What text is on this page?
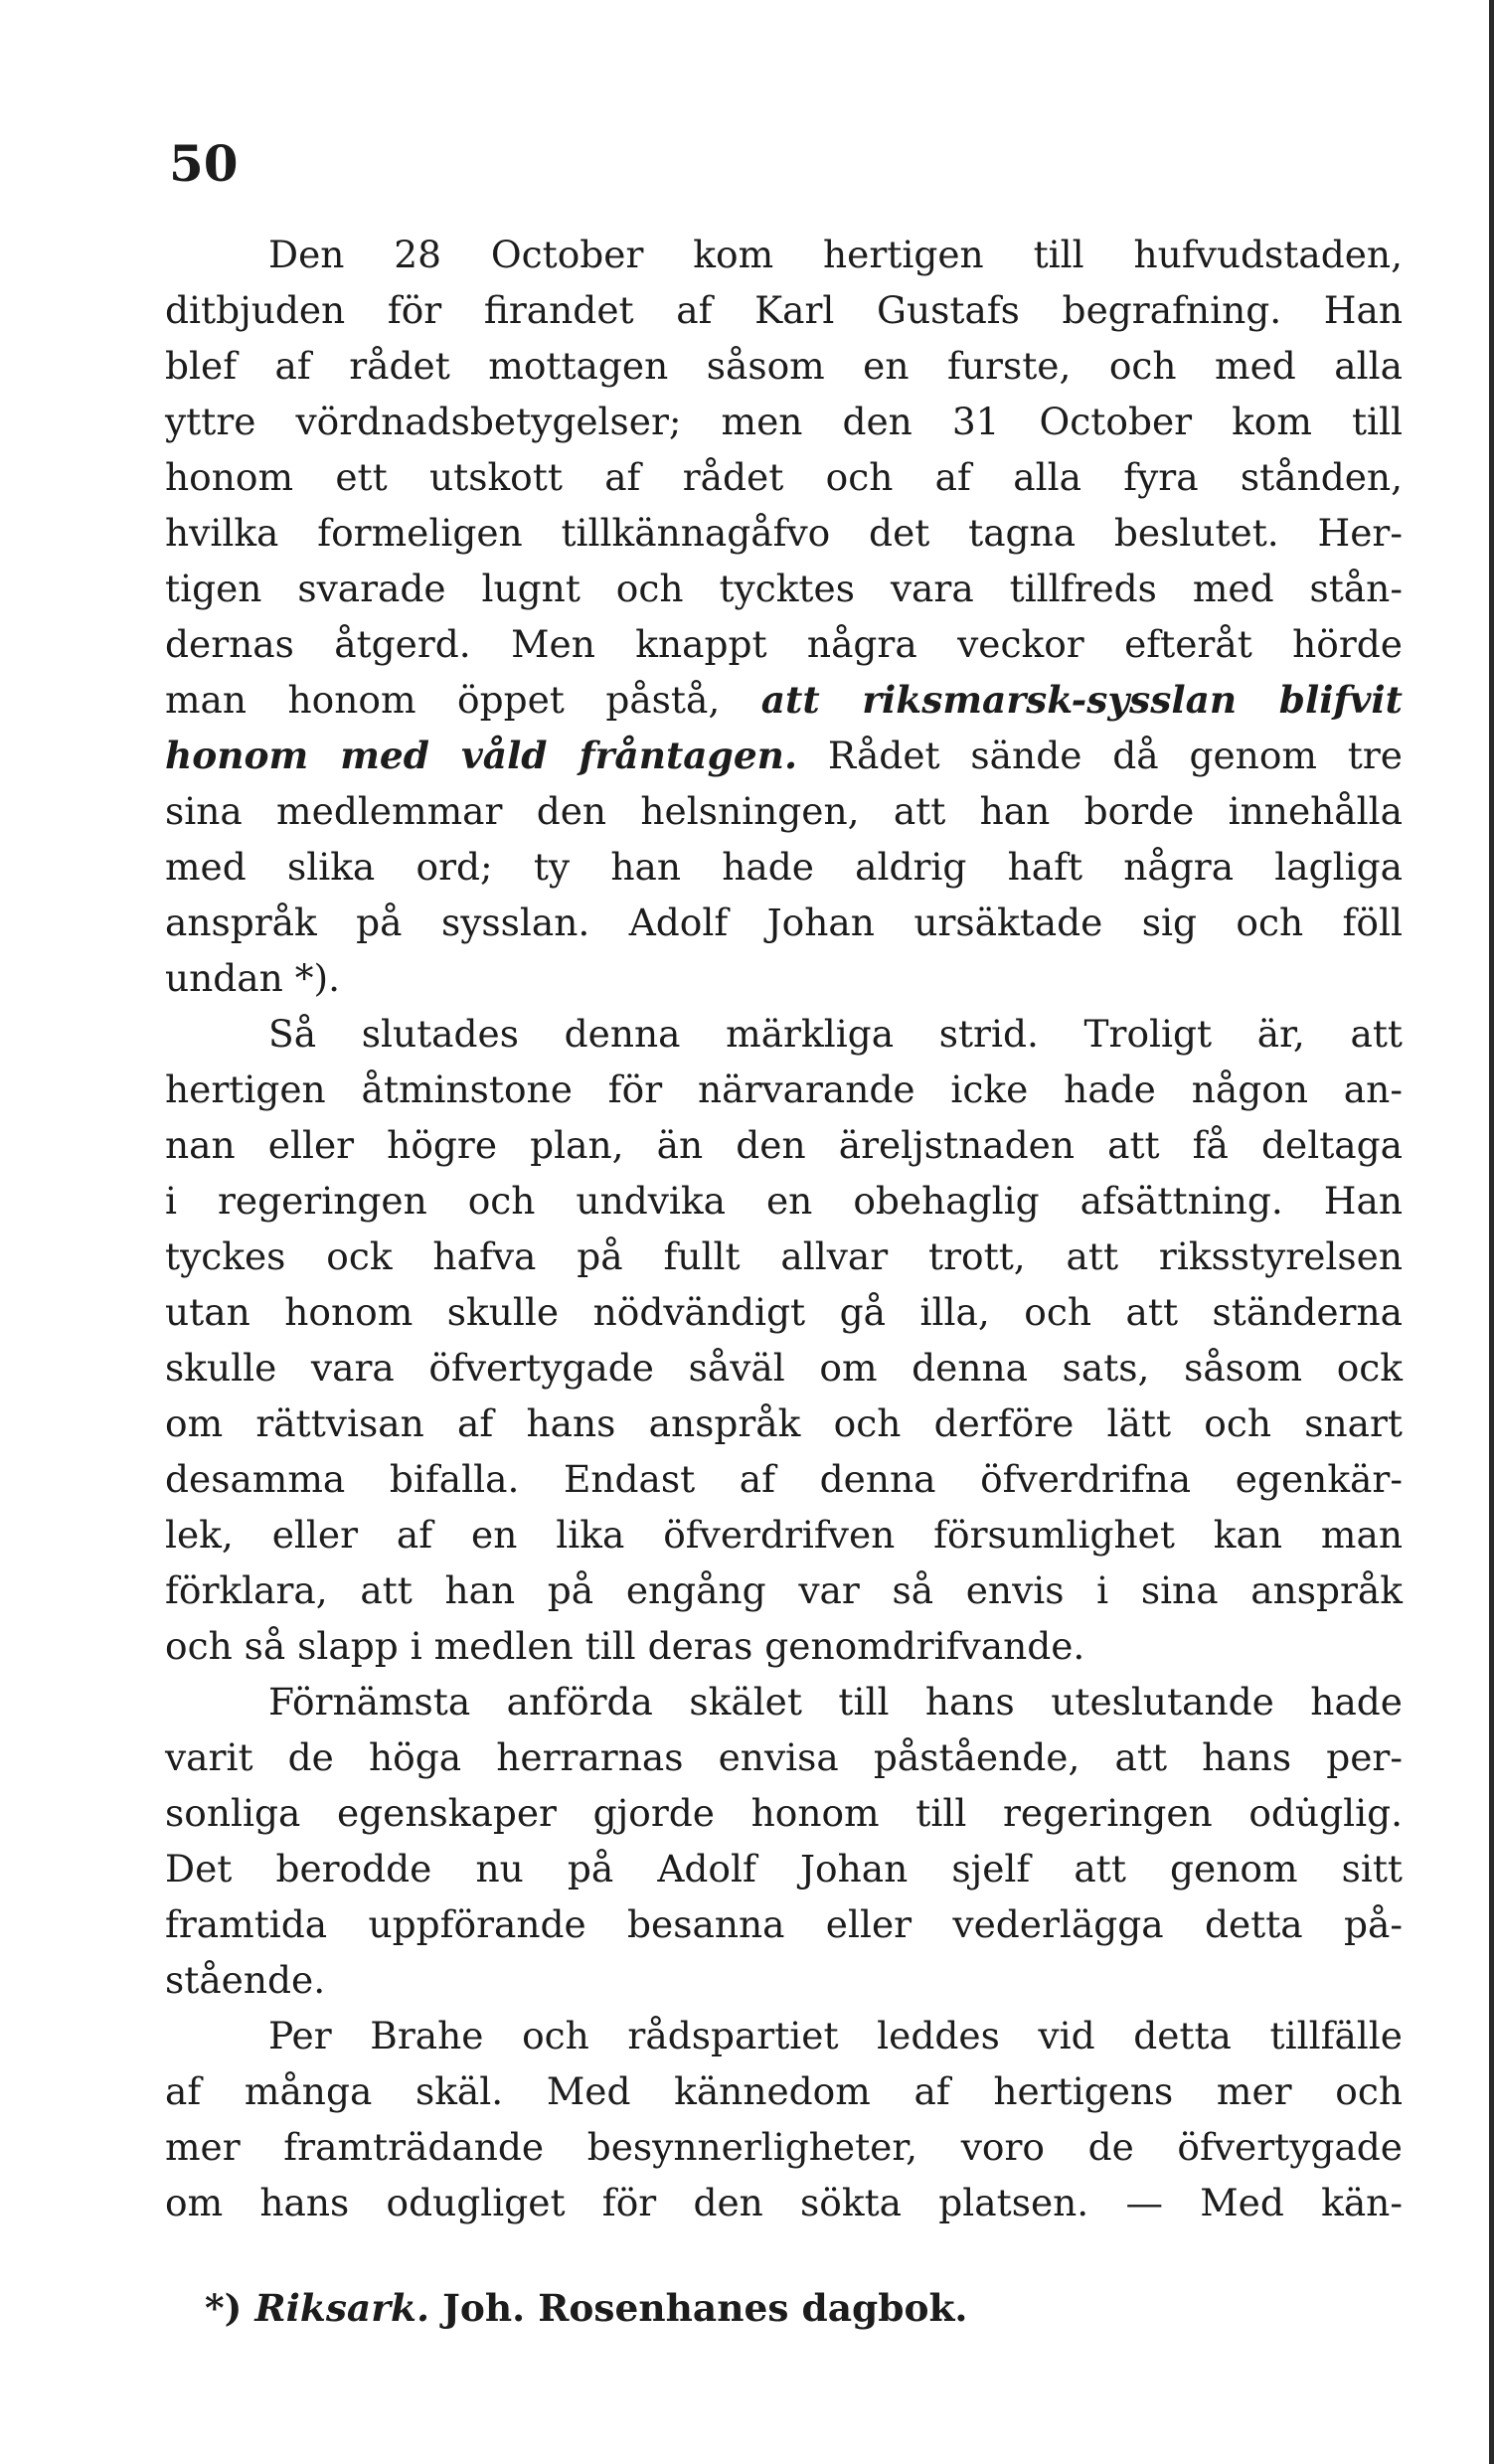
50
Den 28 October kom hertigen till hufvudstaden,
ditbjuden för firandet af Karl Gustafs begrafning. Han
blef af rådet mottagen såsom en furste, och med alla
yttre vördnadsbetygelser; men den 31 October kom till
honom ett utskott af rådet och af alla fyra stånden,
hvilka formeligen tillkännagåfvo det tagna beslutet. Her-
tigen svarade lugnt och tycktes vara tillfreds med stån-
dernas åtgerd. Men knappt några veckor efteråt hörde
man honom öppet påstå, att riksmarsk-sysslan blifvit
honom med våld fråntagen. Rådet sände då genom tre
sina medlemmar den helsningen, att han borde innehålla
med slika ord; ty han hade aldrig haft några lagliga
anspråk på sysslan. Adolf Johan ursäktade sig och föll
undan *).
Så slutades denna märkliga strid. Troligt är, att
hertigen åtminstone för närvarande icke hade någon an-
nan eller högre plan, än den äreljstnaden att få deltaga
i regeringen och undvika en obehaglig afsättning. Han
tyckes ock hafva på fullt allvar trott, att riksstyrelsen
utan honom skulle nödvändigt gå illa, och att ständerna
skulle vara öfvertygade såväl om denna sats, såsom ock
om rättvisan af hans anspråk och derföre lätt och snart
desamma bifalla. Endast af denna öfverdrifna egenkär-
lek, eller af en lika öfverdrifven försumlighet kan man
förklara, att han på engång var så envis i sina anspråk
och så slapp i medlen till deras genomdrifvande.
Förnämsta anförda skälet till hans uteslutande hade
varit de höga herrarnas envisa påstående, att hans per-
sonliga egenskaper gjorde honom till regeringen odu̇glig.
Det berodde nu på Adolf Johan sjelf att genom sitt
framtida uppförande besanna eller vederlägga detta på-
stående.
Per Brahe och rådspartiet leddes vid detta tillfälle
af många skäl. Med kännedom af hertigens mer och
mer framträdande besynnerligheter, voro de öfvertygade
om hans odugliget för den sökta platsen. — Med kän-
*) Riksark. Joh. Rosenhanes dagbok.
